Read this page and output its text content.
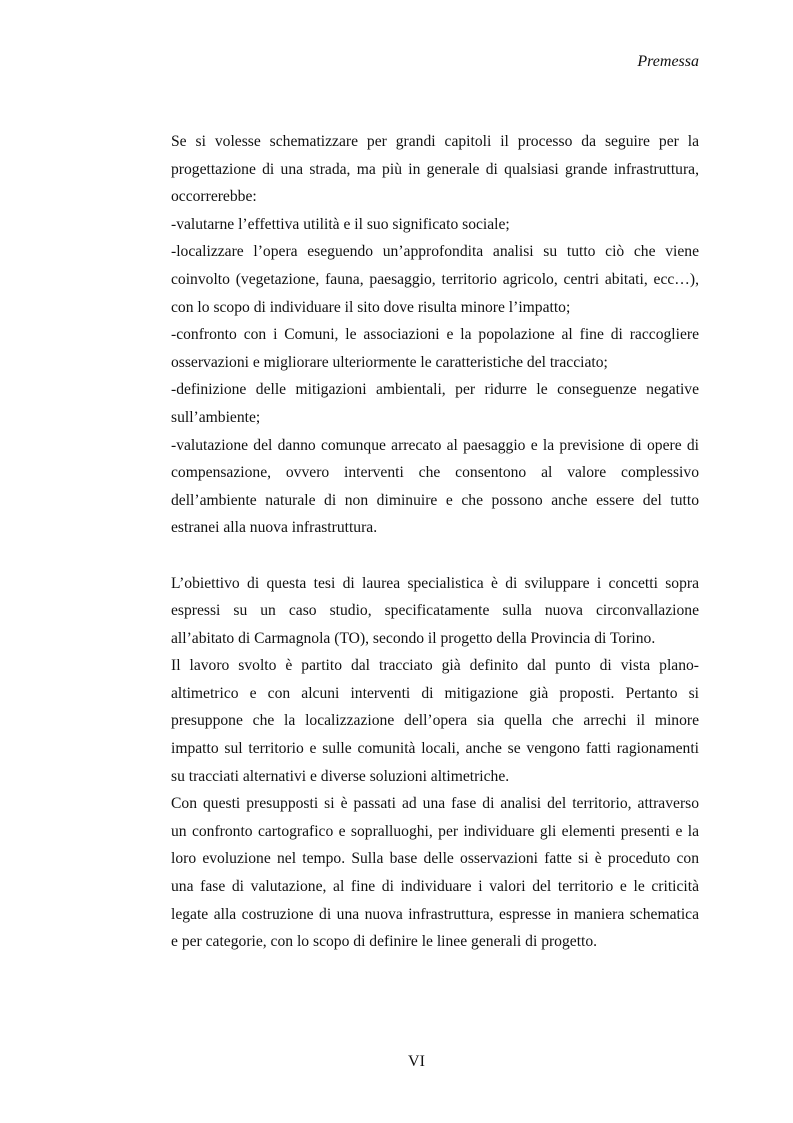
Premessa
Se si volesse schematizzare per grandi capitoli il processo da seguire per la
progettazione di una strada, ma più in generale di qualsiasi grande infrastruttura,
occorrerebbe:
-valutarne l’effettiva utilità e il suo significato sociale;
-localizzare l’opera eseguendo un’approfondita analisi su tutto ciò che viene
coinvolto (vegetazione, fauna, paesaggio, territorio agricolo, centri abitati, ecc…),
con lo scopo di individuare il sito dove risulta minore l’impatto;
-confronto con i Comuni, le associazioni e la popolazione al fine di raccogliere
osservazioni e migliorare ulteriormente le caratteristiche del tracciato;
-definizione delle mitigazioni ambientali, per ridurre le conseguenze negative
sull’ambiente;
-valutazione del danno comunque arrecato al paesaggio e la previsione di opere di
compensazione, ovvero interventi che consentono al valore complessivo
dell’ambiente naturale di non diminuire e che possono anche essere del tutto
estranei alla nuova infrastruttura.
L’obiettivo di questa tesi di laurea specialistica è di sviluppare i concetti sopra
espressi su un caso studio, specificatamente sulla nuova circonvallazione
all’abitato di Carmagnola (TO), secondo il progetto della Provincia di Torino.
Il lavoro svolto è partito dal tracciato già definito dal punto di vista plano-
altimetrico e con alcuni interventi di mitigazione già proposti. Pertanto si
presuppone che la localizzazione dell’opera sia quella che arrechi il minore
impatto sul territorio e sulle comunità locali, anche se vengono fatti ragionamenti
su tracciati alternativi e diverse soluzioni altimetriche.
Con questi presupposti si è passati ad una fase di analisi del territorio, attraverso
un confronto cartografico e sopralluoghi, per individuare gli elementi presenti e la
loro evoluzione nel tempo. Sulla base delle osservazioni fatte si è proceduto con
una fase di valutazione, al fine di individuare i valori del territorio e le criticità
legate alla costruzione di una nuova infrastruttura, espresse in maniera schematica
e per categorie, con lo scopo di definire le linee generali di progetto.
VI
